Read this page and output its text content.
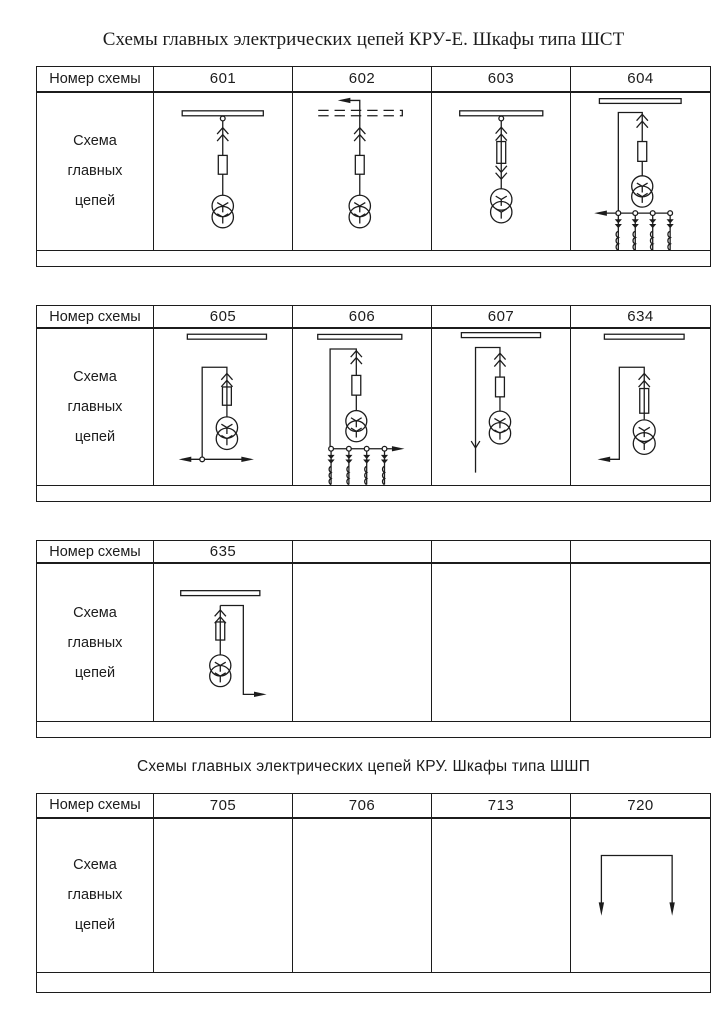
Схемы главных электрических цепей КРУ-Е. Шкафы типа ШСТ
Номер схемы	601	602	603	604
Схема
главных
цепей
Номер схемы	605	606	607	634
Схема
главных
цепей
Номер схемы	635
Схема
главных
цепей
Схемы главных электрических цепей КРУ. Шкафы типа ШШП
Номер схемы	705	706	713	720
Схема
главных
цепей
